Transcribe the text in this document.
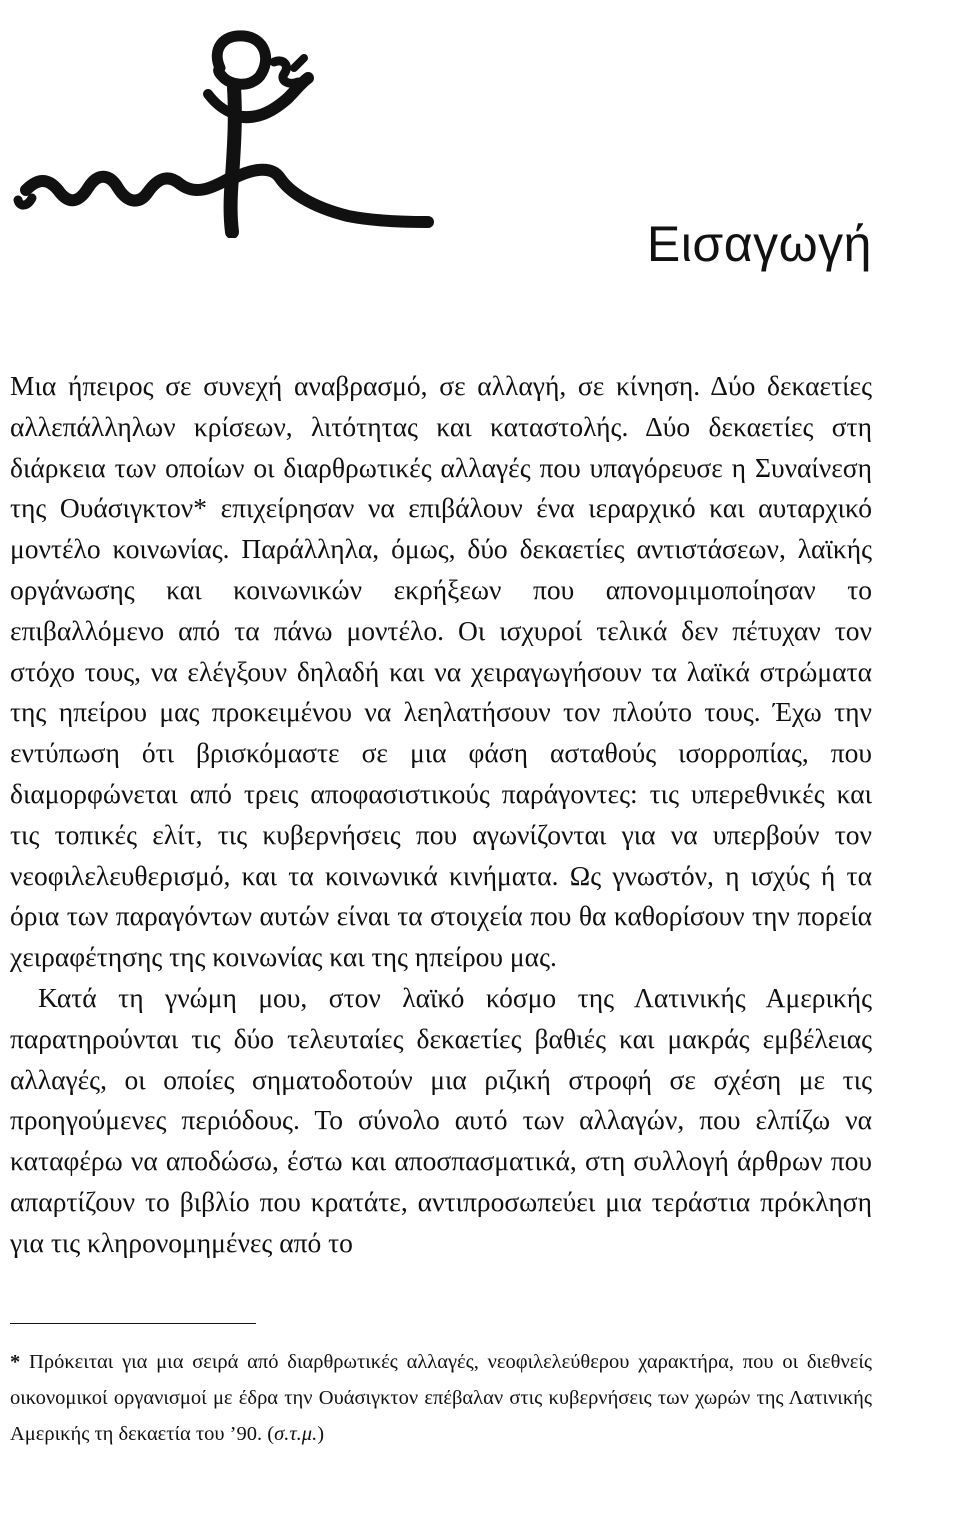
Εισαγωγή

Μια ήπειρος σε συνεχή αναβρασμό, σε αλλαγή, σε κίνηση. Δύο δεκαετίες αλλεπάλληλων κρίσεων, λιτότητας και καταστολής. Δύο δεκαετίες στη διάρκεια των οποίων οι διαρθρωτικές αλλαγές που υπαγόρευσε η Συναίνεση της Ουάσιγκτον* επιχείρησαν να επιβάλουν ένα ιεραρχικό και αυταρχικό μοντέλο κοινωνίας. Παράλληλα, όμως, δύο δεκαετίες αντιστάσεων, λαϊκής οργάνωσης και κοινωνικών εκρήξεων που απονομιμοποίησαν το επιβαλλόμενο από τα πάνω μοντέλο. Οι ισχυροί τελικά δεν πέτυχαν τον στόχο τους, να ελέγξουν δηλαδή και να χειραγωγήσουν τα λαϊκά στρώματα της ηπείρου μας προκειμένου να λεηλατήσουν τον πλούτο τους. Έχω την εντύπωση ότι βρισκόμαστε σε μια φάση ασταθούς ισορροπίας, που διαμορφώνεται από τρεις αποφασιστικούς παράγοντες: τις υπερεθνικές και τις τοπικές ελίτ, τις κυβερνήσεις που αγωνίζονται για να υπερβούν τον νεοφιλελευθερισμό, και τα κοινωνικά κινήματα. Ως γνωστόν, η ισχύς ή τα όρια των παραγόντων αυτών είναι τα στοιχεία που θα καθορίσουν την πορεία χειραφέτησης της κοινωνίας και της ηπείρου μας.

Κατά τη γνώμη μου, στον λαϊκό κόσμο της Λατινικής Αμερικής παρατηρούνται τις δύο τελευταίες δεκαετίες βαθιές και μακράς εμβέλειας αλλαγές, οι οποίες σηματοδοτούν μια ριζική στροφή σε σχέση με τις προηγούμενες περιόδους. Το σύνολο αυτό των αλλαγών, που ελπίζω να καταφέρω να αποδώσω, έστω και αποσπασματικά, στη συλλογή άρθρων που απαρτίζουν το βιβλίο που κρατάτε, αντιπροσωπεύει μια τεράστια πρόκληση για τις κληρονομημένες από το

* Πρόκειται για μια σειρά από διαρθρωτικές αλλαγές, νεοφιλελεύθερου χαρακτήρα, που οι διεθνείς οικονομικοί οργανισμοί με έδρα την Ουάσιγκτον επέβαλαν στις κυβερνήσεις των χωρών της Λατινικής Αμερικής τη δεκαετία του ’90. (σ.τ.μ.)
